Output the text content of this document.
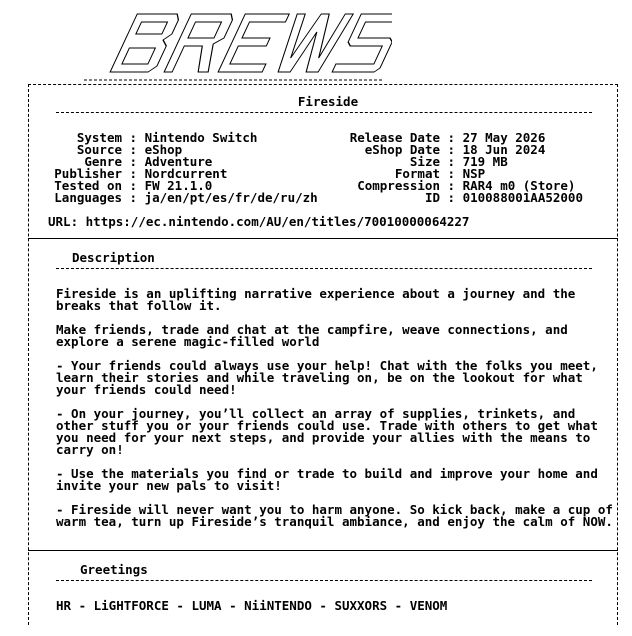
BREWS
Fireside
System : Nintendo Switch
Source : eShop
Genre : Adventure
Publisher : Nordcurrent
Tested on : FW 21.1.0
Languages : ja/en/pt/es/fr/de/ru/zh
Release Date : 27 May 2026
eShop Date : 18 Jun 2024
Size : 719 MB
Format : NSP
Compression : RAR4 m0 (Store)
ID : 010088001AA52000
URL: https://ec.nintendo.com/AU/en/titles/70010000064227
Description
Fireside is an uplifting narrative experience about a journey and the breaks that follow it.
Make friends, trade and chat at the campfire, weave connections, and explore a serene magic-filled world
- Your friends could always use your help! Chat with the folks you meet, learn their stories and while traveling on, be on the lookout for what your friends could need!
- On your journey, you’ll collect an array of supplies, trinkets, and other stuff you or your friends could use. Trade with others to get what you need for your next steps, and provide your allies with the means to carry on!
- Use the materials you find or trade to build and improve your home and invite your new pals to visit!
- Fireside will never want you to harm anyone. So kick back, make a cup of warm tea, turn up Fireside’s tranquil ambiance, and enjoy the calm of NOW.
Greetings
HR - LiGHTFORCE - LUMA - NiiNTENDO - SUXXORS - VENOM
